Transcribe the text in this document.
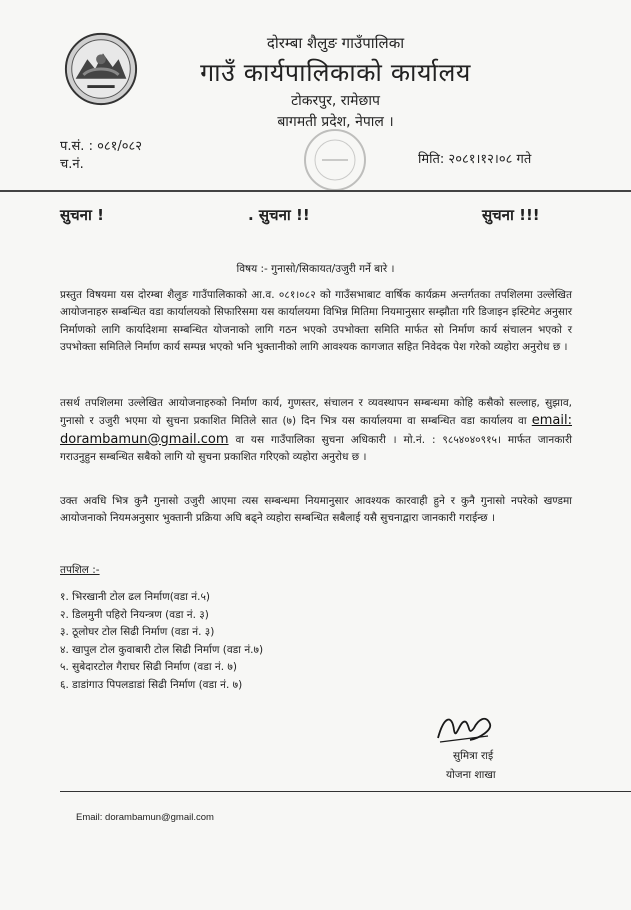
दोरम्बा शैलुङ गाउँपालिका
गाउँ कार्यपालिकाको कार्यालय
टोकरपुर, रामेछाप
बागमती प्रदेश, नेपाल ।
प.सं. : ०८१/०८२
च.नं.	मिति: २०८१।१२।०८ गते
सुचना !	. सुचना !!	सुचना !!!
विषय :- गुनासो/सिकायत/उजुरी गर्ने बारे ।
प्रस्तुत विषयमा यस दोरम्बा शैलुङ गाउँपालिकाको आ.व. ०८१।०८२ को गाउँसभाबाट वार्षिक कार्यक्रम अन्तर्गतका तपशिलमा उल्लेखित आयोजनाहरु सम्बन्धित वडा कार्यालयको सिफारिसमा यस कार्यालयमा विभिन्न मितिमा नियमानुसार सम्झौता गरि डिजाइन इस्टिमेट अनुसार निर्माणको लागि कार्यादेशमा सम्बन्धित योजनाको लागि गठन भएको उपभोक्ता समिति मार्फत सो निर्माण कार्य संचालन भएको र उपभोक्ता समितिले निर्माण कार्य सम्पन्न भएको भनि भुक्तानीको लागि आवश्यक कागजात सहित निवेदक पेश गरेको व्यहोरा अनुरोध छ ।
तसर्थ तपशिलमा उल्लेखित आयोजनाहरुको निर्माण कार्य, गुणस्तर, संचालन र व्यवस्थापन सम्बन्धमा कोहि कसैको सल्लाह, सुझाव, गुनासो र उजुरी भएमा यो सुचना प्रकाशित मितिले सात (७) दिन भित्र यस कार्यालयमा वा सम्बन्धित वडा कार्यालय वा email: dorambamun@gmail.com वा यस गाउँपालिका सुचना अधिकारी । मो.नं. : ९८५४०४०९१५। मार्फत जानकारी गराउनुहुन सम्बन्धित सबैको लागि यो सुचना प्रकाशित गरिएको व्यहोरा अनुरोध छ ।
उक्त अवधि भित्र कुनै गुनासो उजुरी आएमा त्यस सम्बन्धमा नियमानुसार आवश्यक कारवाही हुने र कुनै गुनासो नपरेको खण्डमा आयोजनाको नियमअनुसार भुक्तानी प्रक्रिया अघि बढ्ने व्यहोरा सम्बन्धित सबैलाई यसै सुचनाद्वारा जानकारी गराईन्छ ।
तपशिल :-
१. भिरखानी टोल ढल निर्माण(वडा नं.५)
२. डिलमुनी पहिरो नियन्त्रण (वडा नं. ३)
३. ठूलोघर टोल सिढी निर्माण (वडा नं. ३)
४. खापुल टोल कुवाबारी टोल सिढी निर्माण (वडा नं.७)
५. सुबेदारटोल गैराघर सिढी निर्माण (वडा नं. ७)
६. डाडांगाउ पिपलडाडां सिढी निर्माण (वडा नं. ७)
सुमित्रा राई
योजना शाखा
Email: dorambamun@gmail.com
